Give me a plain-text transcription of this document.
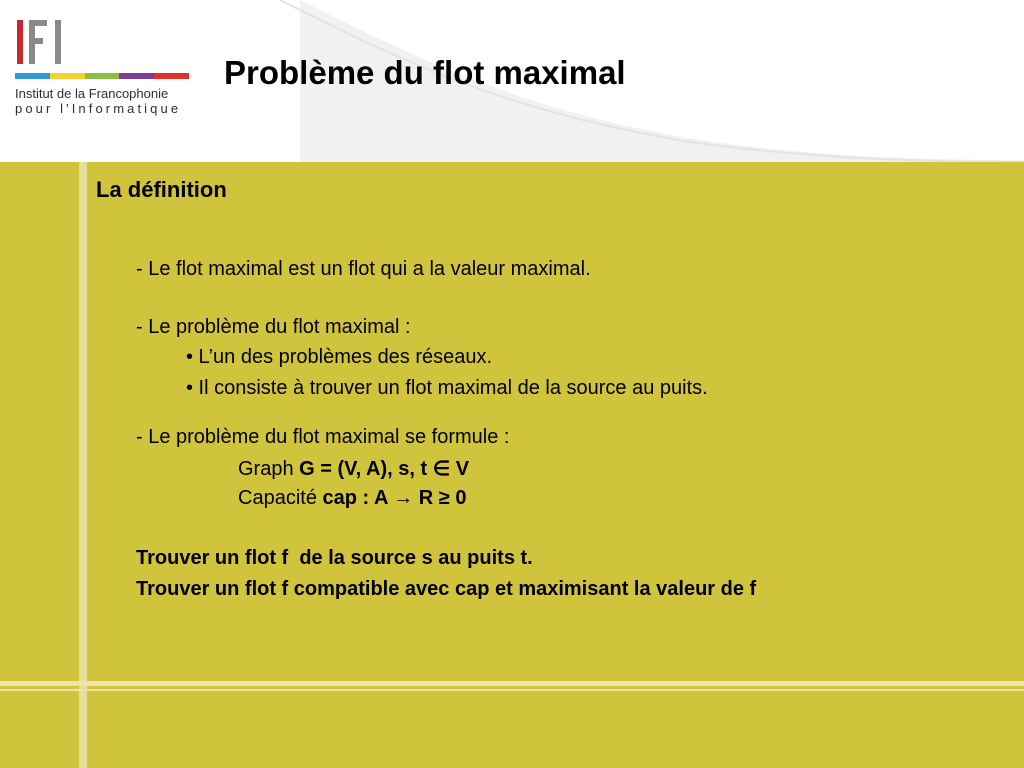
Institut de la Francophonie
pour l'Informatique
Problème du flot maximal
La définition
- Le flot maximal est un flot qui a la valeur maximal.
- Le problème du flot maximal :
• L’un des problèmes des réseaux.
• Il consiste à trouver un flot maximal de la source au puits.
- Le problème du flot maximal se formule :
Graph G = (V, A), s, t ∈ V
Capacité cap : A → R ≥ 0
Trouver un flot f  de la source s au puits t.
Trouver un flot f compatible avec cap et maximisant la valeur de f
